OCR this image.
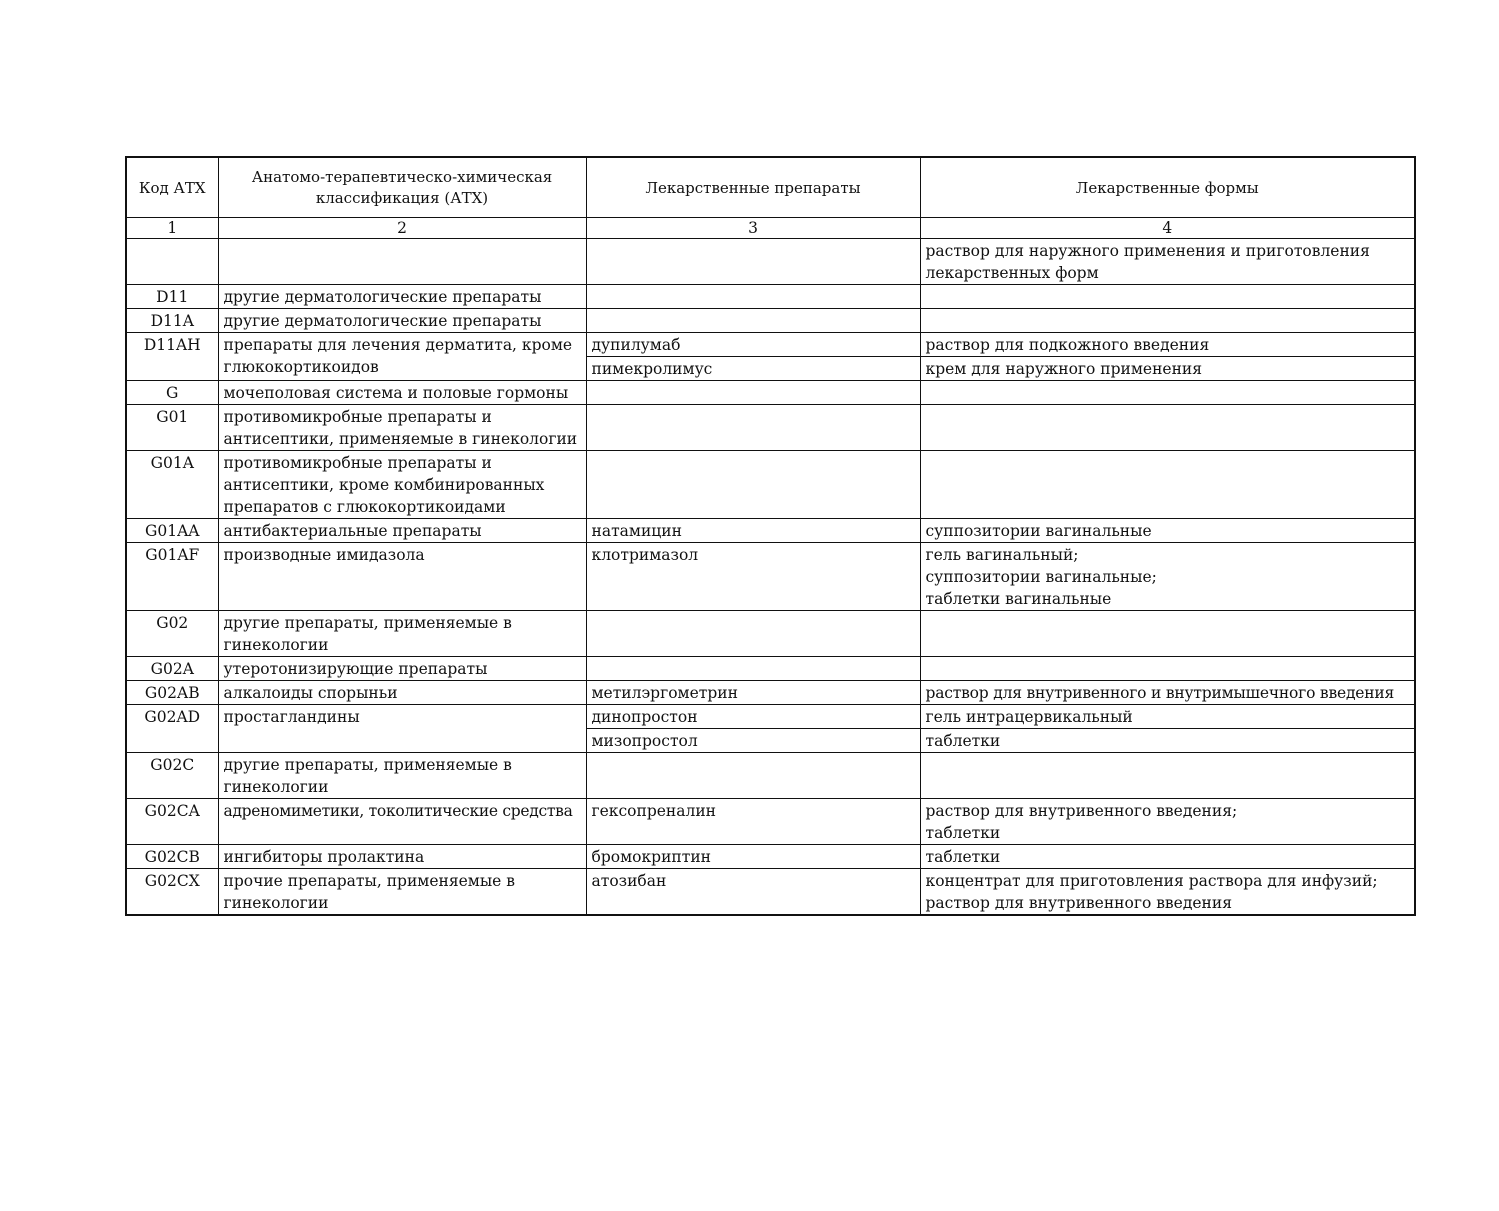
Код АТХ	Анатомо-терапевтическо-химическая классификация (АТХ)	Лекарственные препараты	Лекарственные формы
1	2	3	4
			раствор для наружного применения и приготовления лекарственных форм
D11	другие дерматологические препараты		
D11A	другие дерматологические препараты		
D11AH	препараты для лечения дерматита, кроме глюкокортикоидов	дупилумаб	раствор для подкожного введения
		пимекролимус	крем для наружного применения
G	мочеполовая система и половые гормоны		
G01	противомикробные препараты и антисептики, применяемые в гинекологии		
G01A	противомикробные препараты и антисептики, кроме комбинированных препаратов с глюкокортикоидами		
G01AA	антибактериальные препараты	натамицин	суппозитории вагинальные
G01AF	производные имидазола	клотримазол	гель вагинальный;
суппозитории вагинальные;
таблетки вагинальные
G02	другие препараты, применяемые в гинекологии		
G02A	утеротонизирующие препараты		
G02AB	алкалоиды спорыньи	метилэргометрин	раствор для внутривенного и внутримышечного введения
G02AD	простагландины	динопростон	гель интрацервикальный
		мизопростол	таблетки
G02C	другие препараты, применяемые в гинекологии		
G02CA	адреномиметики, токолитические средства	гексопреналин	раствор для внутривенного введения;
таблетки
G02CB	ингибиторы пролактина	бромокриптин	таблетки
G02CX	прочие препараты, применяемые в гинекологии	атозибан	концентрат для приготовления раствора для инфузий;
раствор для внутривенного введения
